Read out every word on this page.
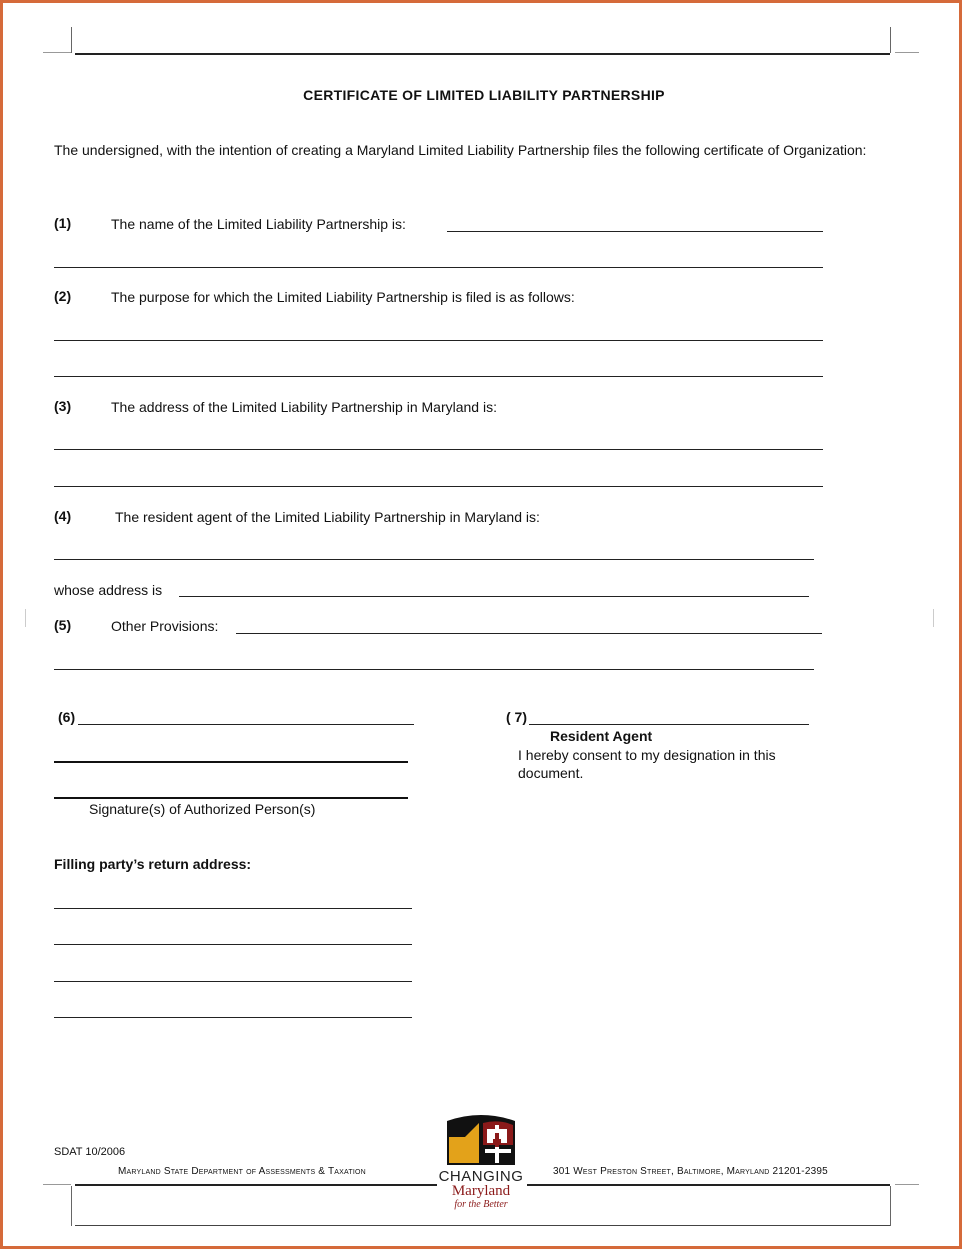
CERTIFICATE OF LIMITED LIABILITY PARTNERSHIP
The undersigned, with the intention of creating a Maryland Limited Liability Partnership files the following certificate of Organization:
(1)	The name of the Limited Liability Partnership is:
(2)	The purpose for which the Limited Liability Partnership is filed is as follows:
(3)	The address of the Limited Liability Partnership in Maryland is:
(4)	The resident agent of the Limited Liability Partnership in Maryland is:
whose address is
(5)	Other Provisions:
(6)
Signature(s) of Authorized Person(s)
( 7)
Resident Agent
I hereby consent to my designation in this document.
Filling party’s return address:
SDAT 10/2006
Maryland State Department of Assessments & Taxation	301 West Preston Street, Baltimore, Maryland 21201-2395
CHANGING
Maryland
for the Better
